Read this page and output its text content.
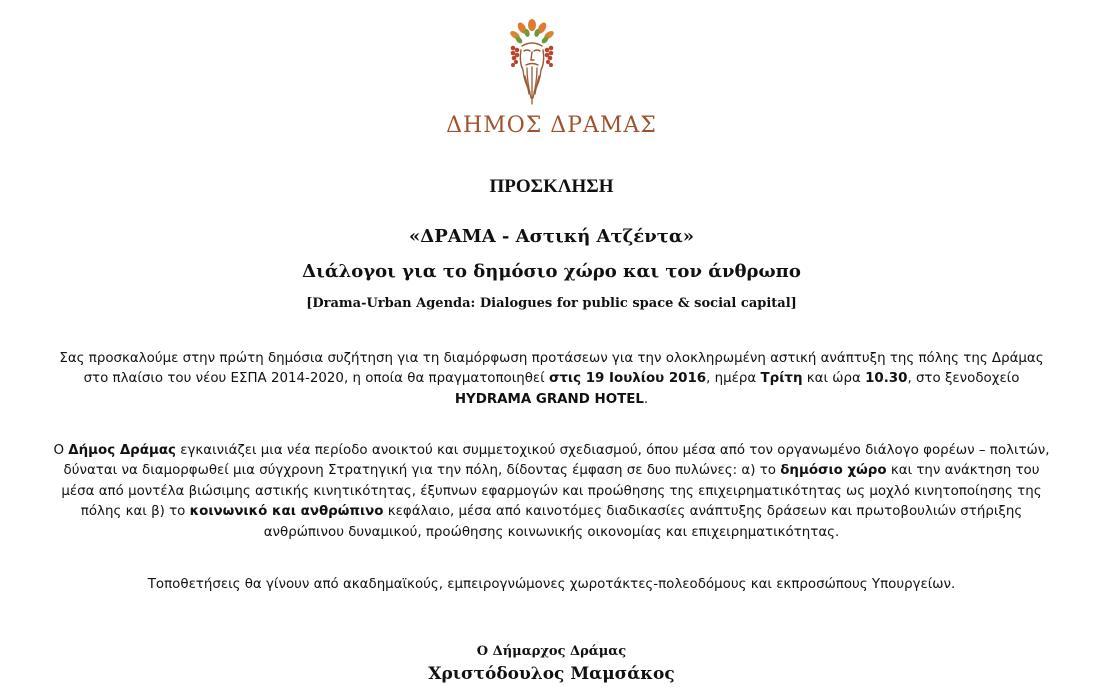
ΔΗΜΟΣ ΔΡΑΜΑΣ
ΠΡΟΣΚΛΗΣΗ
«ΔΡΑΜΑ - Αστική Ατζέντα»
Διάλογοι για το δημόσιο χώρο και τον άνθρωπο
[Drama-Urban Agenda: Dialogues for public space & social capital]
Σας προσκαλούμε στην πρώτη δημόσια συζήτηση για τη διαμόρφωση προτάσεων για την ολοκληρωμένη αστική ανάπτυξη της πόλης της Δράμας στο πλαίσιο του νέου ΕΣΠΑ 2014-2020, η οποία θα πραγματοποιηθεί στις 19 Ιουλίου 2016, ημέρα Τρίτη και ώρα 10.30, στο ξενοδοχείο HYDRAMA GRAND HOTEL.
Ο Δήμος Δράμας εγκαινιάζει μια νέα περίοδο ανοικτού και συμμετοχικού σχεδιασμού, όπου μέσα από τον οργανωμένο διάλογο φορέων – πολιτών, δύναται να διαμορφωθεί μια σύγχρονη Στρατηγική για την πόλη, δίδοντας έμφαση σε δυο πυλώνες: α) το δημόσιο χώρο και την ανάκτηση του μέσα από μοντέλα βιώσιμης αστικής κινητικότητας, έξυπνων εφαρμογών και προώθησης της επιχειρηματικότητας ως μοχλό κινητοποίησης της πόλης και β) το κοινωνικό και ανθρώπινο κεφάλαιο, μέσα από καινοτόμες διαδικασίες ανάπτυξης δράσεων και πρωτοβουλιών στήριξης ανθρώπινου δυναμικού, προώθησης κοινωνικής οικονομίας και επιχειρηματικότητας.
Τοποθετήσεις θα γίνουν από ακαδημαϊκούς, εμπειρογνώμονες χωροτάκτες-πολεοδόμους και εκπροσώπους Υπουργείων.
Ο Δήμαρχος Δράμας
Χριστόδουλος Μαμσάκος
